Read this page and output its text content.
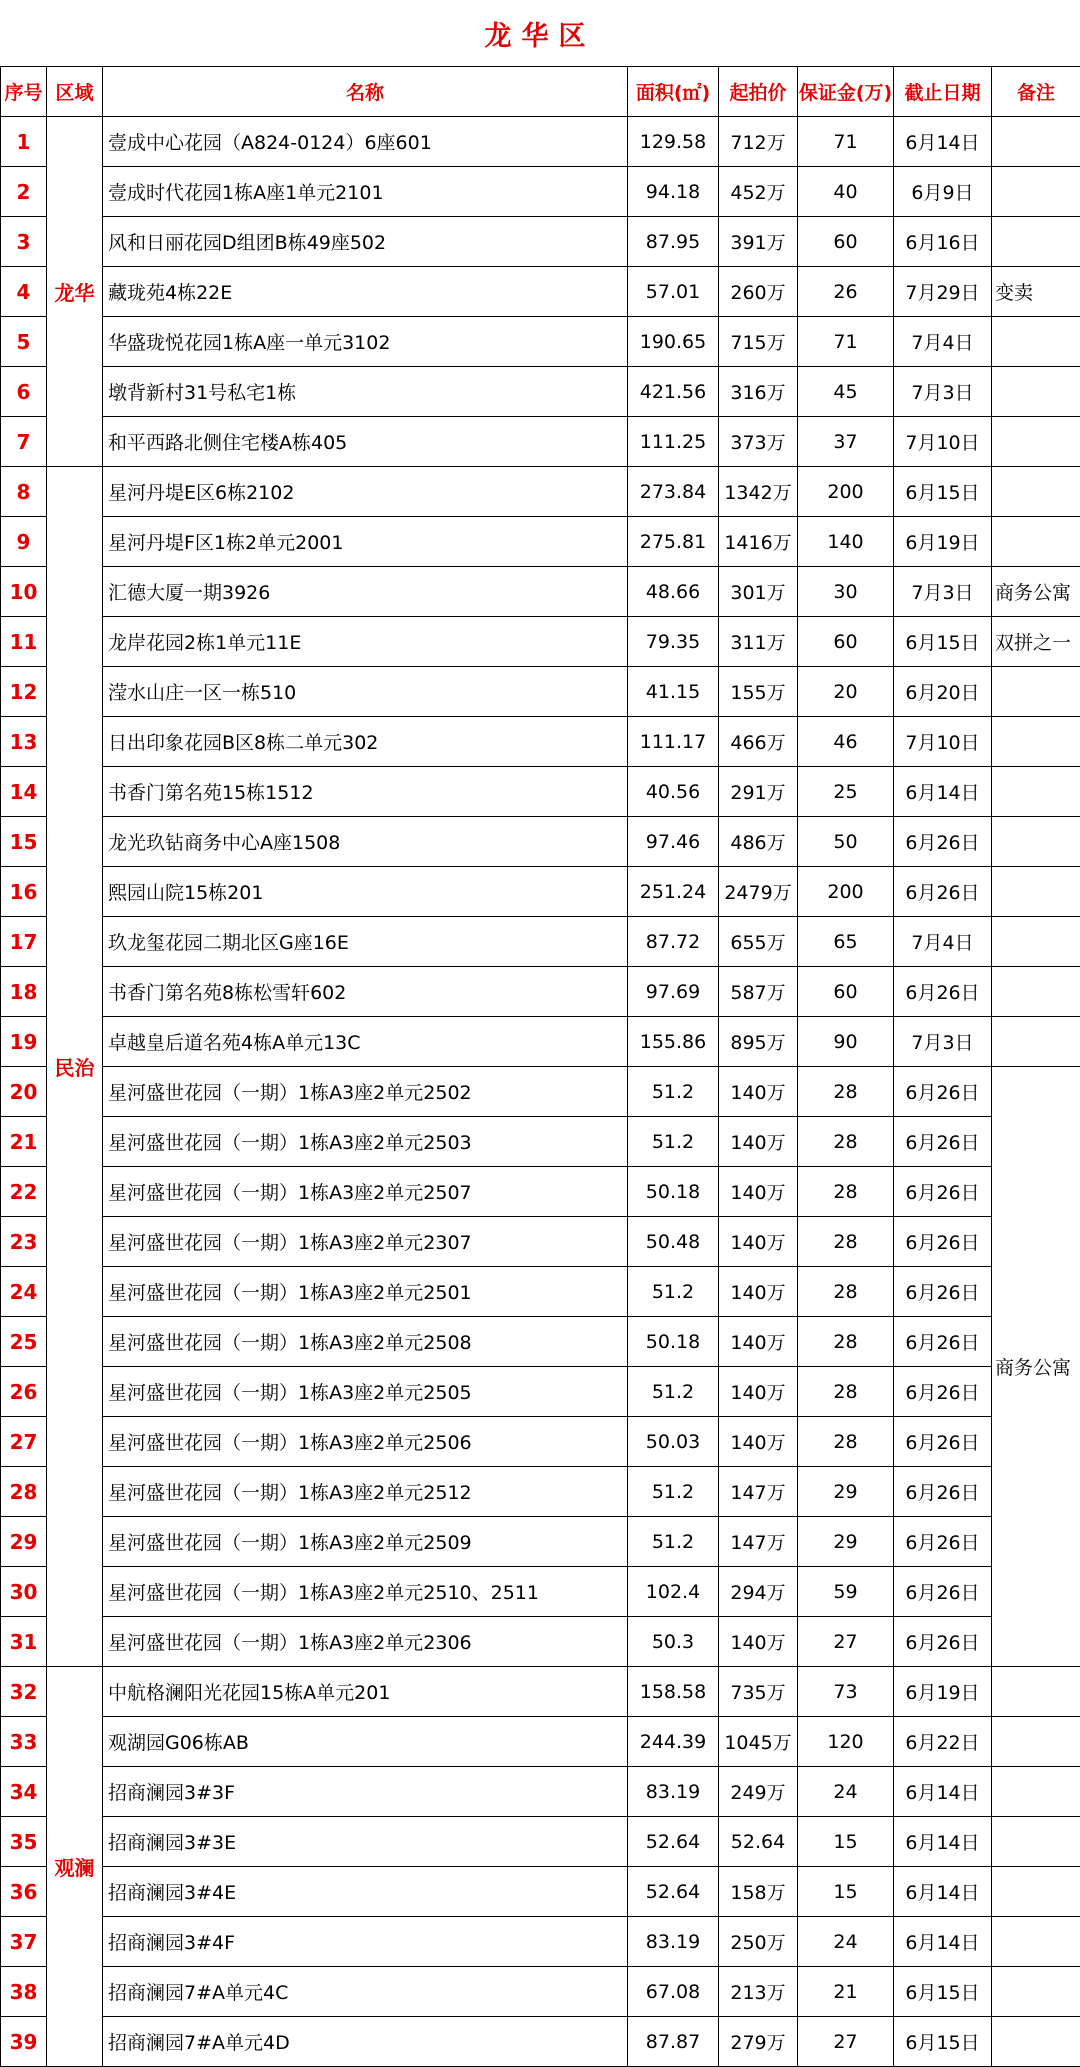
龙华区
序号	区域	名称	面积(㎡)	起拍价	保证金(万)	截止日期	备注
1	龙华	壹成中心花园（A824-0124）6座601	129.58	712万	71	6月14日	
2		壹成时代花园1栋A座1单元2101	94.18	452万	40	6月9日	
3		风和日丽花园D组团B栋49座502	87.95	391万	60	6月16日	
4		藏珑苑4栋22E	57.01	260万	26	7月29日	变卖
5		华盛珑悦花园1栋A座一单元3102	190.65	715万	71	7月4日	
6		墩背新村31号私宅1栋	421.56	316万	45	7月3日	
7		和平西路北侧住宅楼A栋405	111.25	373万	37	7月10日	
8	民治	星河丹堤E区6栋2102	273.84	1342万	200	6月15日	
9		星河丹堤F区1栋2单元2001	275.81	1416万	140	6月19日	
10		汇德大厦一期3926	48.66	301万	30	7月3日	商务公寓
11		龙岸花园2栋1单元11E	79.35	311万	60	6月15日	双拼之一
12		滢水山庄一区一栋510	41.15	155万	20	6月20日	
13		日出印象花园B区8栋二单元302	111.17	466万	46	7月10日	
14		书香门第名苑15栋1512	40.56	291万	25	6月14日	
15		龙光玖钻商务中心A座1508	97.46	486万	50	6月26日	
16		熙园山院15栋201	251.24	2479万	200	6月26日	
17		玖龙玺花园二期北区G座16E	87.72	655万	65	7月4日	
18		书香门第名苑8栋松雪轩602	97.69	587万	60	6月26日	
19		卓越皇后道名苑4栋A单元13C	155.86	895万	90	7月3日	
20		星河盛世花园（一期）1栋A3座2单元2502	51.2	140万	28	6月26日	商务公寓
21		星河盛世花园（一期）1栋A3座2单元2503	51.2	140万	28	6月26日	
22		星河盛世花园（一期）1栋A3座2单元2507	50.18	140万	28	6月26日	
23		星河盛世花园（一期）1栋A3座2单元2307	50.48	140万	28	6月26日	
24		星河盛世花园（一期）1栋A3座2单元2501	51.2	140万	28	6月26日	
25		星河盛世花园（一期）1栋A3座2单元2508	50.18	140万	28	6月26日	
26		星河盛世花园（一期）1栋A3座2单元2505	51.2	140万	28	6月26日	
27		星河盛世花园（一期）1栋A3座2单元2506	50.03	140万	28	6月26日	
28		星河盛世花园（一期）1栋A3座2单元2512	51.2	147万	29	6月26日	
29		星河盛世花园（一期）1栋A3座2单元2509	51.2	147万	29	6月26日	
30		星河盛世花园（一期）1栋A3座2单元2510、2511	102.4	294万	59	6月26日	
31		星河盛世花园（一期）1栋A3座2单元2306	50.3	140万	27	6月26日	
32	观澜	中航格澜阳光花园15栋A单元201	158.58	735万	73	6月19日	
33		观湖园G06栋AB	244.39	1045万	120	6月22日	
34		招商澜园3#3F	83.19	249万	24	6月14日	
35		招商澜园3#3E	52.64	52.64	15	6月14日	
36		招商澜园3#4E	52.64	158万	15	6月14日	
37		招商澜园3#4F	83.19	250万	24	6月14日	
38		招商澜园7#A单元4C	67.08	213万	21	6月15日	
39		招商澜园7#A单元4D	87.87	279万	27	6月15日	
